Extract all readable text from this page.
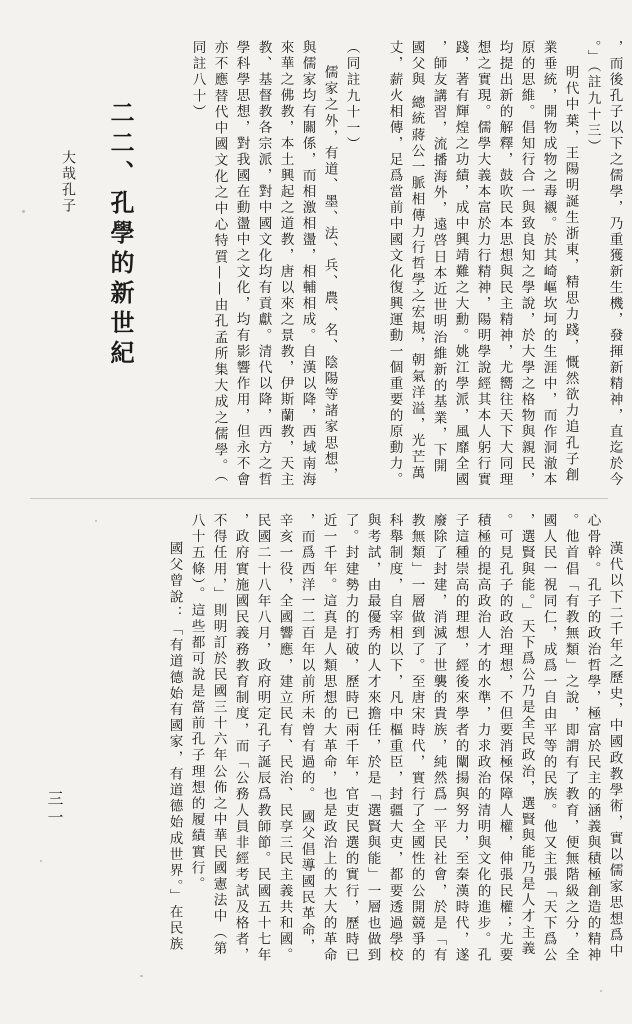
，而後孔子以下之儒學，乃重獲新生機，發揮新精神，直迄於今
。」（註九十三）
明代中葉，王陽明誕生浙東，精思力踐，慨然欲力追孔子創
業垂統，開物成物之毒襯。於其崎嶇坎坷的生涯中，而作洞澈本
原的思維。倡知行合一與致良知之學說，於大學之格物與親民，
均提出新的解釋，鼓吹民本思想與民主精神，尤嚮往天下大同理
想之實現。儒學大義本富於力行精神，陽明學說經其本人躬行實
踐，著有輝煌之功績，成中興靖難之大勳。姚江學派，風靡全國
，師友講習，流播海外，遠啓日本近世明治維新的基業，下開
國父與 總統蔣公一脈相傳力行哲學之宏規，朝氣洋溢，光芒萬
丈，薪火相傳，足爲當前中國文化復興運動一個重要的原動力。
（同註九十一）
儒家之外，有道、墨、法、兵、農、名、陰陽等諸家思想，
與儒家均有關係，而相激相盪，相輔相成。自漢以降，西域南海
來華之佛教，本土興起之道教，唐以來之景教，伊斯蘭教，天主
教、基督教各宗派，對中國文化均有貢獻。清代以降，西方之哲
學科學思想，對我國在動盪中之文化，均有影響作用，但永不會
亦不應替代中國文化之中心特質——由孔孟所集大成之儒學。（
同註八十）
二二、孔學的新世紀
大哉孔子
漢代以下二千年之歷史，中國政教學術，實以儒家思想爲中
心骨幹。孔子的政治哲學，極富於民主的涵義與積極創造的精神
。他首倡「有教無類」之說，即謂有了教育，便無階級之分，全
國人民一視同仁，成爲一自由平等的民族。他又主張「天下爲公
，選賢與能。」天下爲公乃是全民政治，選賢與能乃是人才主義
。可見孔子的政治理想，不但要消極保障人權，伸張民權；尤要
積極的提高政治人才的水準，力求政治的清明與文化的進步。孔
子這種崇高的理想，經後來學者的闡揚與努力，至秦漢時代，遂
廢除了封建，消滅了世襲的貴族，純然爲一平民社會，於是「有
教無類」一層做到了。至唐宋時代，實行了全國性的公開競爭的
科舉制度，自宰相以下，凡中樞重臣，封疆大吏，都要透過學校
與考試，由最優秀的人才來擔任，於是「選賢與能」一層也做到
了。封建勢力的打破，歷時已兩千年，官吏民選的實行，歷時已
近一千年。這真是人類思想的大革命，也是政治上的大大的革命
，而爲西洋一二百年以前所未曾有過的。 國父倡導國民革命，
辛亥一役，全國響應，建立民有、民治、民享三民主義共和國。
民國二十八年八月，政府明定孔子誕辰爲教師節。民國五十七年
，政府實施國民義務教育制度，而「公務人員非經考試及格者，
不得任用，」則明訂於民國三十六年公佈之中華民國憲法中（第
八十五條）。這些都可說是當前孔子理想的履績實行。
國父曾說：「有道德始有國家，有道德始成世界。」在民族
三一
